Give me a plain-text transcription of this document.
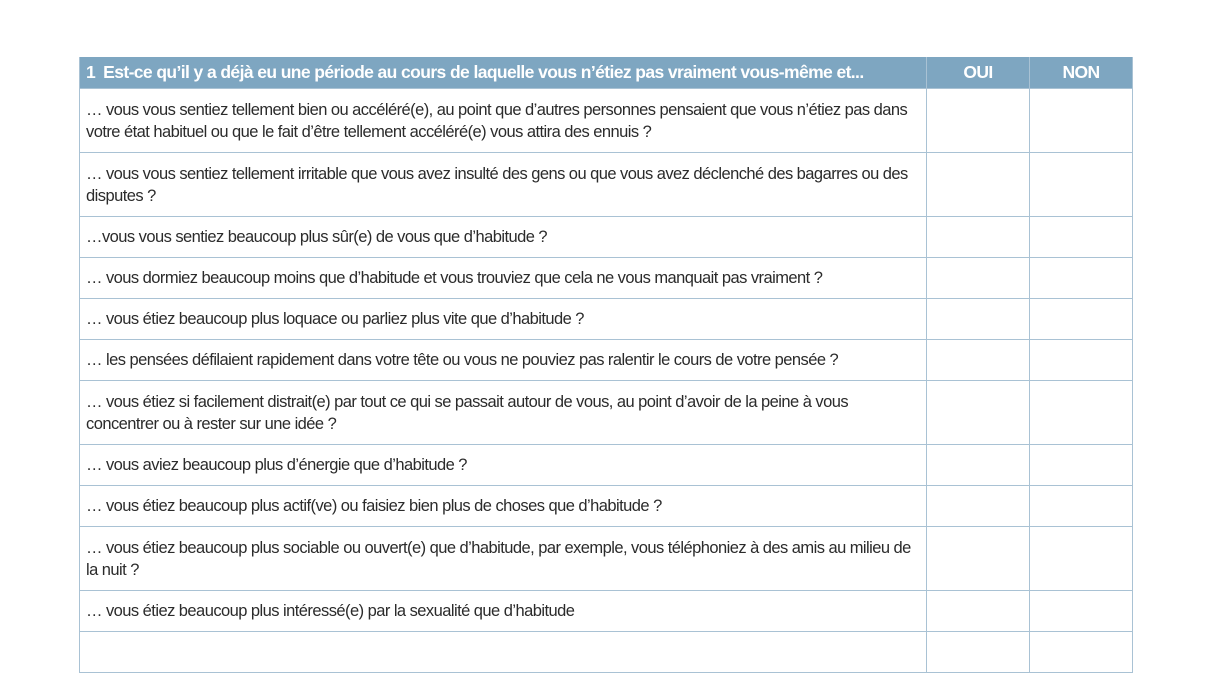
1 Est-ce qu’il y a déjà eu une période au cours de laquelle vous n’étiez pas vraiment vous-même et...	OUI	NON
… vous vous sentiez tellement bien ou accéléré(e), au point que d’autres personnes pensaient que vous n’étiez pas dans votre état habituel ou que le fait d’être tellement accéléré(e) vous attira des ennuis ?		
… vous vous sentiez tellement irritable que vous avez insulté des gens ou que vous avez déclenché des bagarres ou des disputes ?		
…vous vous sentiez beaucoup plus sûr(e) de vous que d’habitude ?		
… vous dormiez beaucoup moins que d’habitude et vous trouviez que cela ne vous manquait pas vraiment ?		
… vous étiez beaucoup plus loquace ou parliez plus vite que d’habitude ?		
… les pensées défilaient rapidement dans votre tête ou vous ne pouviez pas ralentir le cours de votre pensée ?		
… vous étiez si facilement distrait(e) par tout ce qui se passait autour de vous, au point d’avoir de la peine à vous concentrer ou à rester sur une idée ?		
… vous aviez beaucoup plus d’énergie que d’habitude ?		
… vous étiez beaucoup plus actif(ve) ou faisiez bien plus de choses que d’habitude ?		
… vous étiez beaucoup plus sociable ou ouvert(e) que d’habitude, par exemple, vous téléphoniez à des amis au milieu de la nuit ?		
… vous étiez beaucoup plus intéressé(e) par la sexualité que d’habitude		
